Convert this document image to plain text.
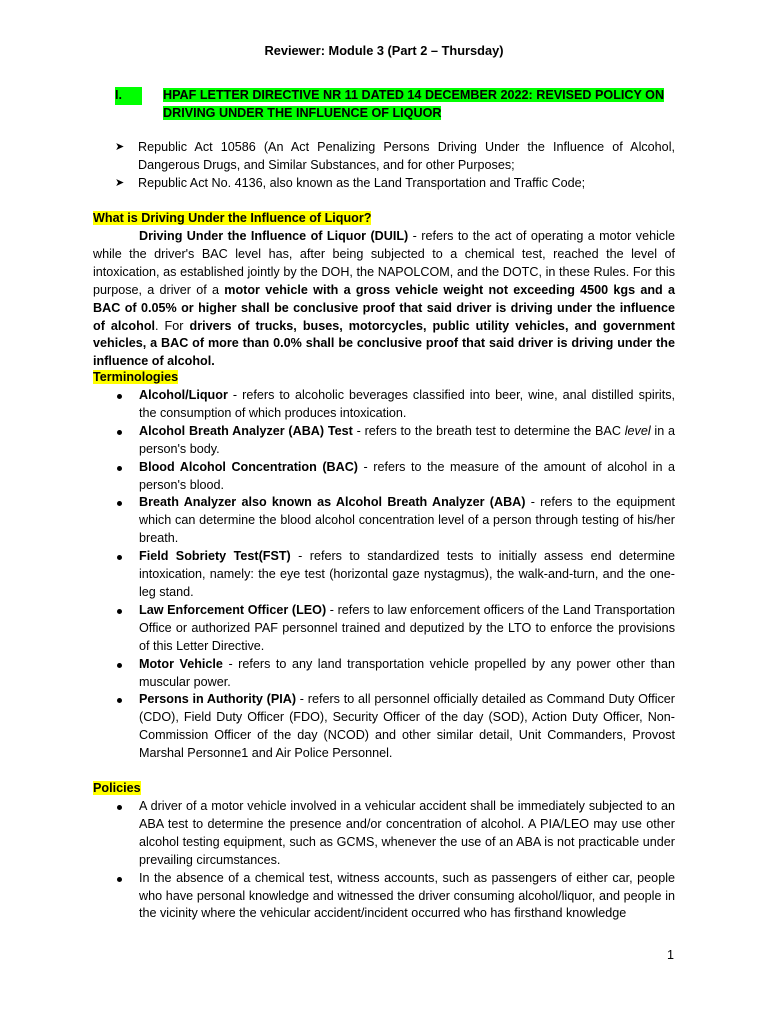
Reviewer: Module 3 (Part 2 – Thursday)
I.	HPAF LETTER DIRECTIVE NR 11 DATED 14 DECEMBER 2022: REVISED POLICY ON DRIVING UNDER THE INFLUENCE OF LIQUOR
➤ Republic Act 10586 (An Act Penalizing Persons Driving Under the Influence of Alcohol, Dangerous Drugs, and Similar Substances, and for other Purposes;
➤ Republic Act No. 4136, also known as the Land Transportation and Traffic Code;
What is Driving Under the Influence of Liquor?
Driving Under the Influence of Liquor (DUIL) - refers to the act of operating a motor vehicle while the driver's BAC level has, after being subjected to a chemical test, reached the level of intoxication, as established jointly by the DOH, the NAPOLCOM, and the DOTC, in these Rules. For this purpose, a driver of a motor vehicle with a gross vehicle weight not exceeding 4500 kgs and a BAC of 0.05% or higher shall be conclusive proof that said driver is driving under the influence of alcohol. For drivers of trucks, buses, motorcycles, public utility vehicles, and government vehicles, a BAC of more than 0.0% shall be conclusive proof that said driver is driving under the influence of alcohol.
Terminologies
Alcohol/Liquor - refers to alcoholic beverages classified into beer, wine, anal distilled spirits, the consumption of which produces intoxication.
Alcohol Breath Analyzer (ABA) Test - refers to the breath test to determine the BAC level in a person's body.
Blood Alcohol Concentration (BAC) - refers to the measure of the amount of alcohol in a person's blood.
Breath Analyzer also known as Alcohol Breath Analyzer (ABA) - refers to the equipment which can determine the blood alcohol concentration level of a person through testing of his/her breath.
Field Sobriety Test(FST) - refers to standardized tests to initially assess end determine intoxication, namely: the eye test (horizontal gaze nystagmus), the walk-and-turn, and the one-leg stand.
Law Enforcement Officer (LEO) - refers to law enforcement officers of the Land Transportation Office or authorized PAF personnel trained and deputized by the LTO to enforce the provisions of this Letter Directive.
Motor Vehicle - refers to any land transportation vehicle propelled by any power other than muscular power.
Persons in Authority (PIA) - refers to all personnel officially detailed as Command Duty Officer (CDO), Field Duty Officer (FDO), Security Officer of the day (SOD), Action Duty Officer, Non-Commission Officer of the day (NCOD) and other similar detail, Unit Commanders, Provost Marshal Personne1 and Air Police Personnel.
Policies
A driver of a motor vehicle involved in a vehicular accident shall be immediately subjected to an ABA test to determine the presence and/or concentration of alcohol. A PIA/LEO may use other alcohol testing equipment, such as GCMS, whenever the use of an ABA is not practicable under prevailing circumstances.
In the absence of a chemical test, witness accounts, such as passengers of either car, people who have personal knowledge and witnessed the driver consuming alcohol/liquor, and people in the vicinity where the vehicular accident/incident occurred who has firsthand knowledge
1
